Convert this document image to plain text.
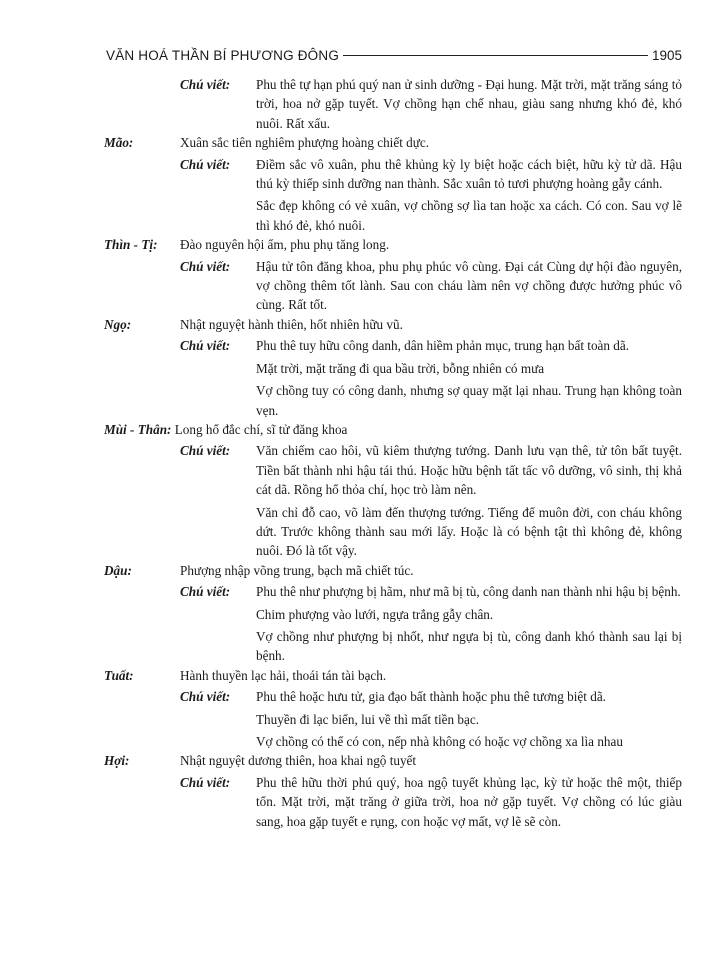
VĂN HOÁ THẦN BÍ PHƯƠNG ĐÔNG	1905
Chú viết: Phu thê tự hạn phú quý nan ử sinh dưỡng - Đại hung. Mặt trời, mặt trăng sáng tỏ trời, hoa nở gặp tuyết. Vợ chồng hạn chế nhau, giàu sang nhưng khó đẻ, khó nuôi. Rất xấu.

Mão:	Xuân sắc tiên nghiêm phượng hoàng chiết dực.
Chú viết: Điềm sắc vô xuân, phu thê khủng kỳ ly biệt hoặc cách biệt, hữu kỳ tử dã. Hậu thú kỳ thiếp sinh dưỡng nan thành. Sắc xuân tỏ tươi phượng hoàng gẫy cánh.

Sắc đẹp không có vẻ xuân, vợ chồng sợ lìa tan hoặc xa cách. Có con. Sau vợ lẽ thì khó đẻ, khó nuôi.

Thìn - Tị: Đào nguyên hội ẩm, phu phụ tăng long.
Chú viết: Hậu tử tôn đăng khoa, phu phụ phúc vô cùng. Đại cát Cùng dự hội đào nguyên, vợ chồng thêm tốt lành. Sau con cháu làm nên vợ chồng được hưởng phúc vô cùng. Rất tốt.

Ngọ:	Nhật nguyệt hành thiên, hốt nhiên hữu vũ.
Chú viết: Phu thê tuy hữu công danh, dân hiềm phản mục, trung hạn bất toàn dã.

Mặt trời, mặt trăng đi qua bầu trời, bỗng nhiên có mưa

Vợ chồng tuy có công danh, nhưng sợ quay mặt lại nhau. Trung hạn không toàn vẹn.

Mùi - Thân: Long hổ đắc chí, sĩ tử đăng khoa
Chú viết: Văn chiếm cao hôi, vũ kiêm thượng tướng. Danh lưu vạn thê, tử tôn bất tuyệt. Tiền bất thành nhi hậu tái thú. Hoặc hữu bệnh tất tấc vô dưỡng, vô sinh, thị khả cát dã. Rồng hổ thỏa chí, học trò làm nên.

Văn chỉ đỗ cao, võ làm đến thượng tướng. Tiếng để muôn đời, con cháu không dứt. Trước không thành sau mới lấy. Hoặc là có bệnh tật thì không đẻ, không nuôi. Đó là tốt vậy.

Dậu:	Phượng nhập võng trung, bạch mã chiết túc.
Chú viết: Phu thê như phượng bị hãm, như mã bị tù, công danh nan thành nhi hậu bị bệnh.

Chim phượng vào lưới, ngựa trắng gẫy chân.

Vợ chồng như phượng bị nhốt, như ngựa bị tù, công danh khó thành sau lại bị bệnh.

Tuất:	Hành thuyền lạc hải, thoái tán tài bạch.
Chú viết: Phu thê hoặc hưu tử, gia đạo bất thành hoặc phu thê tương biệt dã.

Thuyền đi lạc biển, lui về thì mất tiền bạc.

Vợ chồng có thể có con, nếp nhà không có hoặc vợ chồng xa lìa nhau

Hợi:	Nhật nguyệt dương thiên, hoa khai ngộ tuyết
Chú viết: Phu thê hữu thời phú quý, hoa ngộ tuyết khủng lạc, kỳ tử hoặc thê một, thiếp tổn. Mặt trời, mặt trăng ở giữa trời, hoa nở gặp tuyết. Vợ chồng có lúc giàu sang, hoa gặp tuyết e rụng, con hoặc vợ mất, vợ lẽ sẽ còn.
